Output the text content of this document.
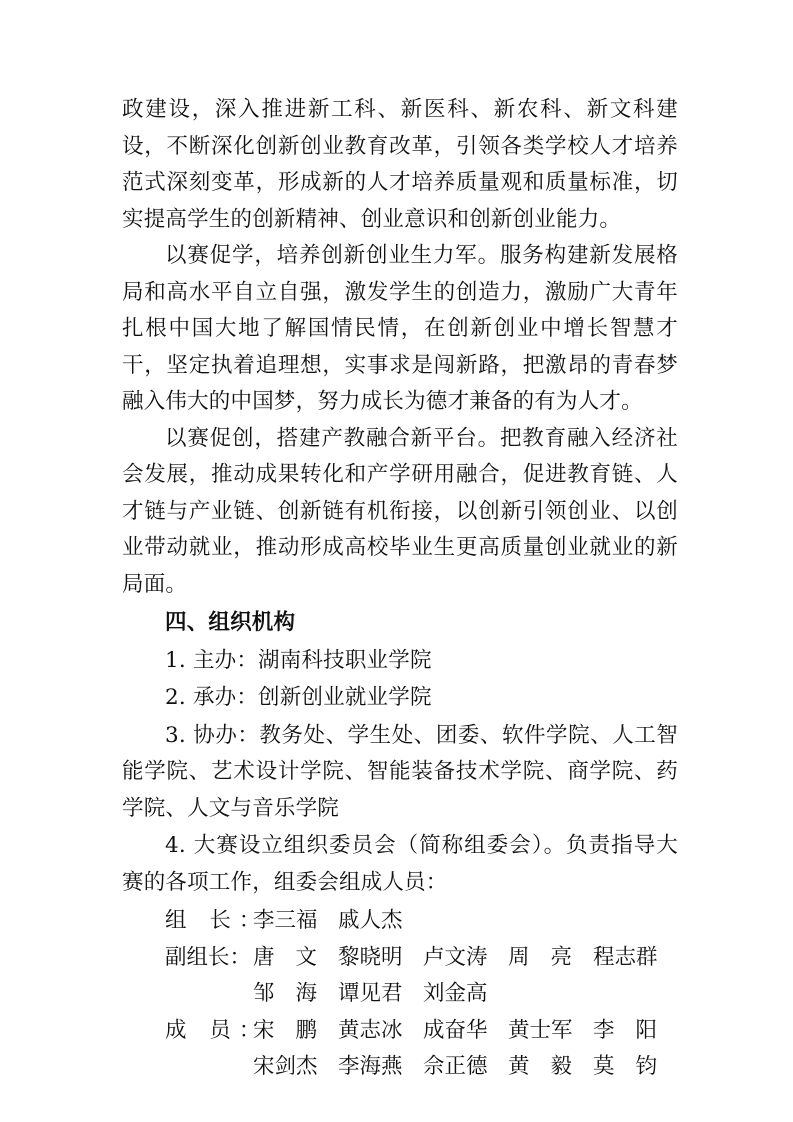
政建设，深入推进新工科、新医科、新农科、新文科建设，不断深化创新创业教育改革，引领各类学校人才培养范式深刻变革，形成新的人才培养质量观和质量标准，切实提高学生的创新精神、创业意识和创新创业能力。

以赛促学，培养创新创业生力军。服务构建新发展格局和高水平自立自强，激发学生的创造力，激励广大青年扎根中国大地了解国情民情，在创新创业中增长智慧才干，坚定执着追理想，实事求是闯新路，把激昂的青春梦融入伟大的中国梦，努力成长为德才兼备的有为人才。

以赛促创，搭建产教融合新平台。把教育融入经济社会发展，推动成果转化和产学研用融合，促进教育链、人才链与产业链、创新链有机衔接，以创新引领创业、以创业带动就业，推动形成高校毕业生更高质量创业就业的新局面。

四、组织机构

1. 主办：湖南科技职业学院

2. 承办：创新创业就业学院

3. 协办：教务处、学生处、团委、软件学院、人工智能学院、艺术设计学院、智能装备技术学院、商学院、药学院、人文与音乐学院

4. 大赛设立组织委员会（简称组委会）。负责指导大赛的各项工作，组委会组成人员：

组 长：
李三福 戚人杰
副组长： 唐文 黎晓明 卢文涛 周亮 程志群
邹海 谭见君 刘金高
成 员：
宋鹏 黄志冰 成奋华 黄士军 李阳
宋剑杰 李海燕 佘正德 黄毅 莫钧
